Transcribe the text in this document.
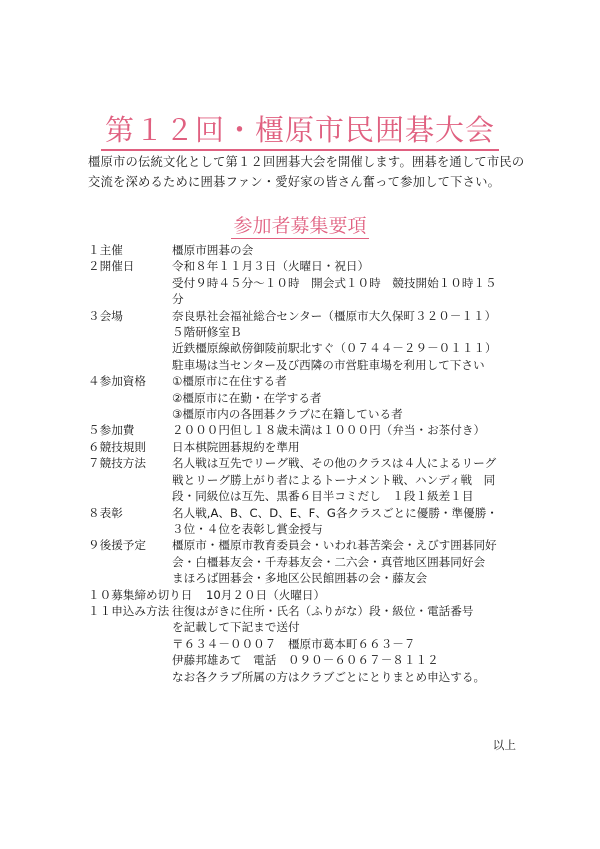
第１２回・橿原市民囲碁大会
橿原市の伝統文化として第１２回囲碁大会を開催します。囲碁を通して市民の
交流を深めるために囲碁ファン・愛好家の皆さん奮って参加して下さい。
参加者募集要項
１主催	橿原市囲碁の会
２開催日	令和８年１１月３日（火曜日・祝日）
受付９時４５分～１０時　開会式１０時　競技開始１０時１５
分
３会場	奈良県社会福祉総合センター（橿原市大久保町３２０－１１）
５階研修室Ｂ
近鉄橿原線畝傍御陵前駅北すぐ（０７４４－２９－０１１１）
駐車場は当センター及び西隣の市営駐車場を利用して下さい
４参加資格	①橿原市に在住する者
②橿原市に在勤・在学する者
③橿原市内の各囲碁クラブに在籍している者
５参加費	２０００円但し１８歳未満は１０００円（弁当・お茶付き）
６競技規則	日本棋院囲碁規約を準用
７競技方法	名人戦は互先でリーグ戦、その他のクラスは４人によるリーグ
戦とリーグ勝上がり者によるトーナメント戦、ハンディ戦　同
段・同級位は互先、黒番６目半コミだし　１段１級差１目
８表彰	名人戦,A、B、C、D、E、F、G各クラスごとに優勝・準優勝・
３位・４位を表彰し賞金授与
９後援予定	橿原市・橿原市教育委員会・いわれ碁苦楽会・えびす囲碁同好
会・白橿碁友会・千寿碁友会・二六会・真菅地区囲碁同好会
まほろば囲碁会・多地区公民館囲碁の会・藤友会
１０募集締め切り日	10月２０日（火曜日）
１１申込み方法 往復はがきに住所・氏名（ふりがな）段・級位・電話番号
を記載して下記まで送付
〒６３４－０００７　橿原市葛本町６６３－７
伊藤邦雄あて　電話　０９０－６０６７－８１１２
なお各クラブ所属の方はクラブごとにとりまとめ申込する。
以上
